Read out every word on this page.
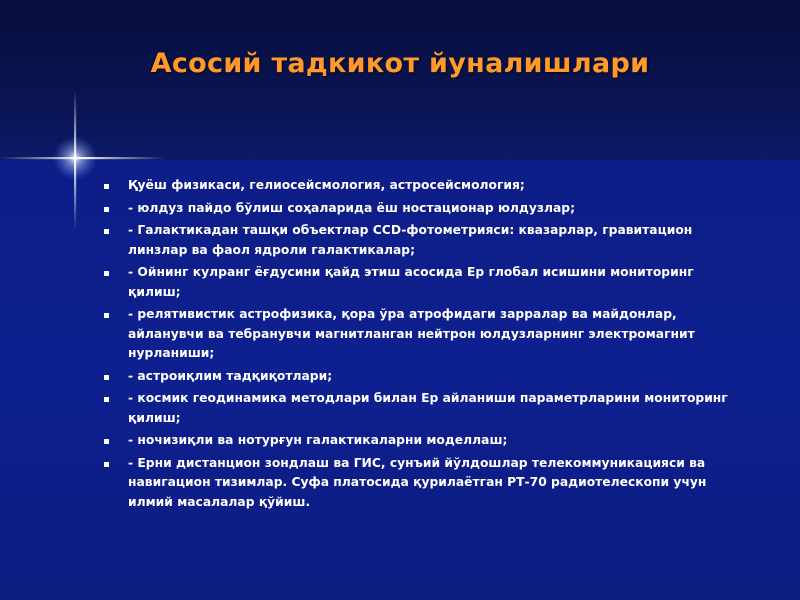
Асосий тадкикот йуналишлари
Қуёш физикаси, гелиосейсмология, астросейсмология;
- юлдуз пайдо бўлиш соҳаларида ёш ностационар юлдузлар;
- Галактикадан ташқи объектлар CCD-фотометрияси: квазарлар, гравитацион линзлар ва фаол ядроли галактикалар;
- Ойнинг кулранг ёғдусини қайд этиш асосида Ер глобал исишини мониторинг қилиш;
- релятивистик астрофизика, қора ўра атрофидаги зарралар ва майдонлар, айланувчи ва тебранувчи магнитланган нейтрон юлдузларнинг электромагнит нурланиши;
- астроиқлим тадқиқотлари;
- космик геодинамика методлари билан Ер айланиши параметрларини мониторинг қилиш;
- ночизиқли ва нотурғун галактикаларни моделлаш;
- Ерни дистанцион зондлаш ва ГИС, сунъий йўлдошлар телекоммуникацияси ва навигацион тизимлар. Суфа платосида қурилаётган РТ-70 радиотелескопи учун илмий масалалар қўйиш.
